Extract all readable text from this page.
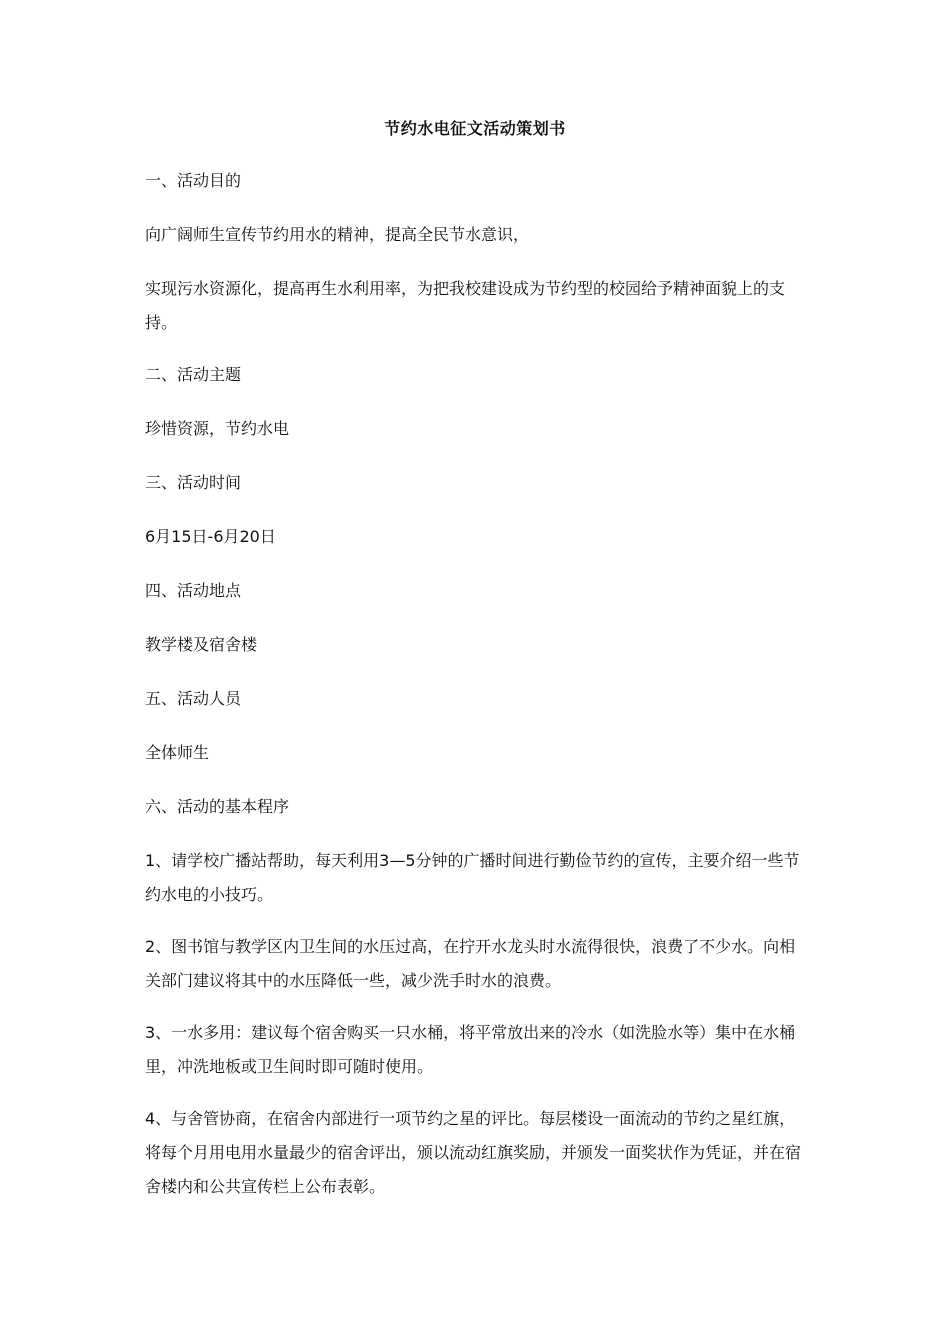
节约水电征文活动策划书
一、活动目的
向广阔师生宣传节约用水的精神，提高全民节水意识，
实现污水资源化，提高再生水利用率，为把我校建设成为节约型的校园给予精神面貌上的支持。
二、活动主题
珍惜资源，节约水电
三、活动时间
6月15日-6月20日
四、活动地点
教学楼及宿舍楼
五、活动人员
全体师生
六、活动的基本程序
1、请学校广播站帮助，每天利用3—5分钟的广播时间进行勤俭节约的宣传，主要介绍一些节约水电的小技巧。
2、图书馆与教学区内卫生间的水压过高，在拧开水龙头时水流得很快，浪费了不少水。向相关部门建议将其中的水压降低一些，减少洗手时水的浪费。
3、一水多用：建议每个宿舍购买一只水桶，将平常放出来的冷水（如洗脸水等）集中在水桶里，冲洗地板或卫生间时即可随时使用。
4、与舍管协商，在宿舍内部进行一项节约之星的评比。每层楼设一面流动的节约之星红旗，将每个月用电用水量最少的宿舍评出，颁以流动红旗奖励，并颁发一面奖状作为凭证，并在宿舍楼内和公共宣传栏上公布表彰。
